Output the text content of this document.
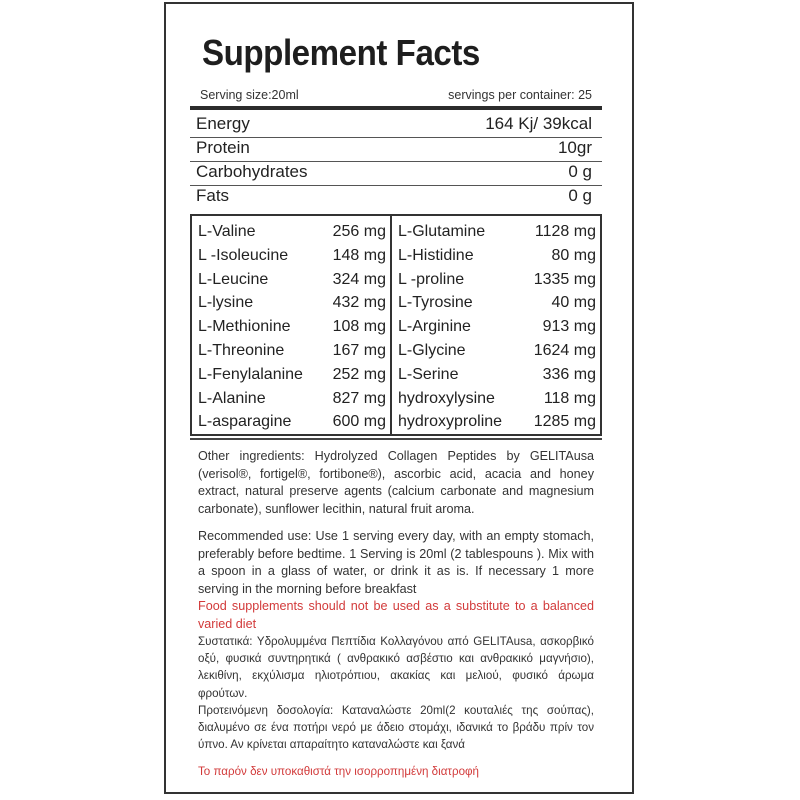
Supplement Facts
Serving size:20ml	servings per container: 25
Energy	164 Kj/ 39kcal
Protein	10gr
Carbohydrates	0 g
Fats	0 g
L-Valine	256 mg
L -Isoleucine	148 mg
L-Leucine	324 mg
L-lysine	432 mg
L-Methionine	108 mg
L-Threonine	167 mg
L-Fenylalanine 252 mg
L-Alanine	827 mg
L-asparagine	600 mg
L-Glutamine	1128 mg
L-Histidine	80 mg
L -proline	1335 mg
L-Tyrosine	40 mg
L-Arginine	913 mg
L-Glycine	1624 mg
L-Serine	336 mg
hydroxylysine	118 mg
hydroxyproline 1285 mg

Other ingredients: Hydrolyzed Collagen Peptides by GELITAusa (verisol®, fortigel®, fortibone®), ascorbic acid, acacia and honey extract, natural preserve agents (calcium carbonate and magnesium carbonate), sunflower lecithin, natural fruit aroma.

Recommended use: Use 1 serving every day, with an empty stomach, preferably before bedtime. 1 Serving is 20ml (2 tablespouns ). Mix with a spoon in a glass of water, or drink it as is. If necessary 1 more serving in the morning before breakfast

Food supplements should not be used as a substitute to a balanced varied diet

Συστατικά: Υδρολυμμένα Πεπτίδια Κολλαγόνου από GELITAusa, ασκορβικό οξύ, φυσικά συντηρητικά ( ανθρακικό ασβέστιο και ανθρακικό μαγνήσιο), λεκιθίνη, εκχύλισμα ηλιοτρόπιου, ακακίας και μελιού, φυσικό άρωμα φρούτων.

Προτεινόμενη δοσολογία: Καταναλώστε 20ml(2 κουταλιές της σούπας), διαλυμένο σε ένα ποτήρι νερό με άδειο στομάχι, ιδανικά το βράδυ πρίν τον ύπνο. Αν κρίνεται απαραίτητο καταναλώστε και ξανά

Το παρόν δεν υποκαθιστά την ισορροπημένη διατροφή
